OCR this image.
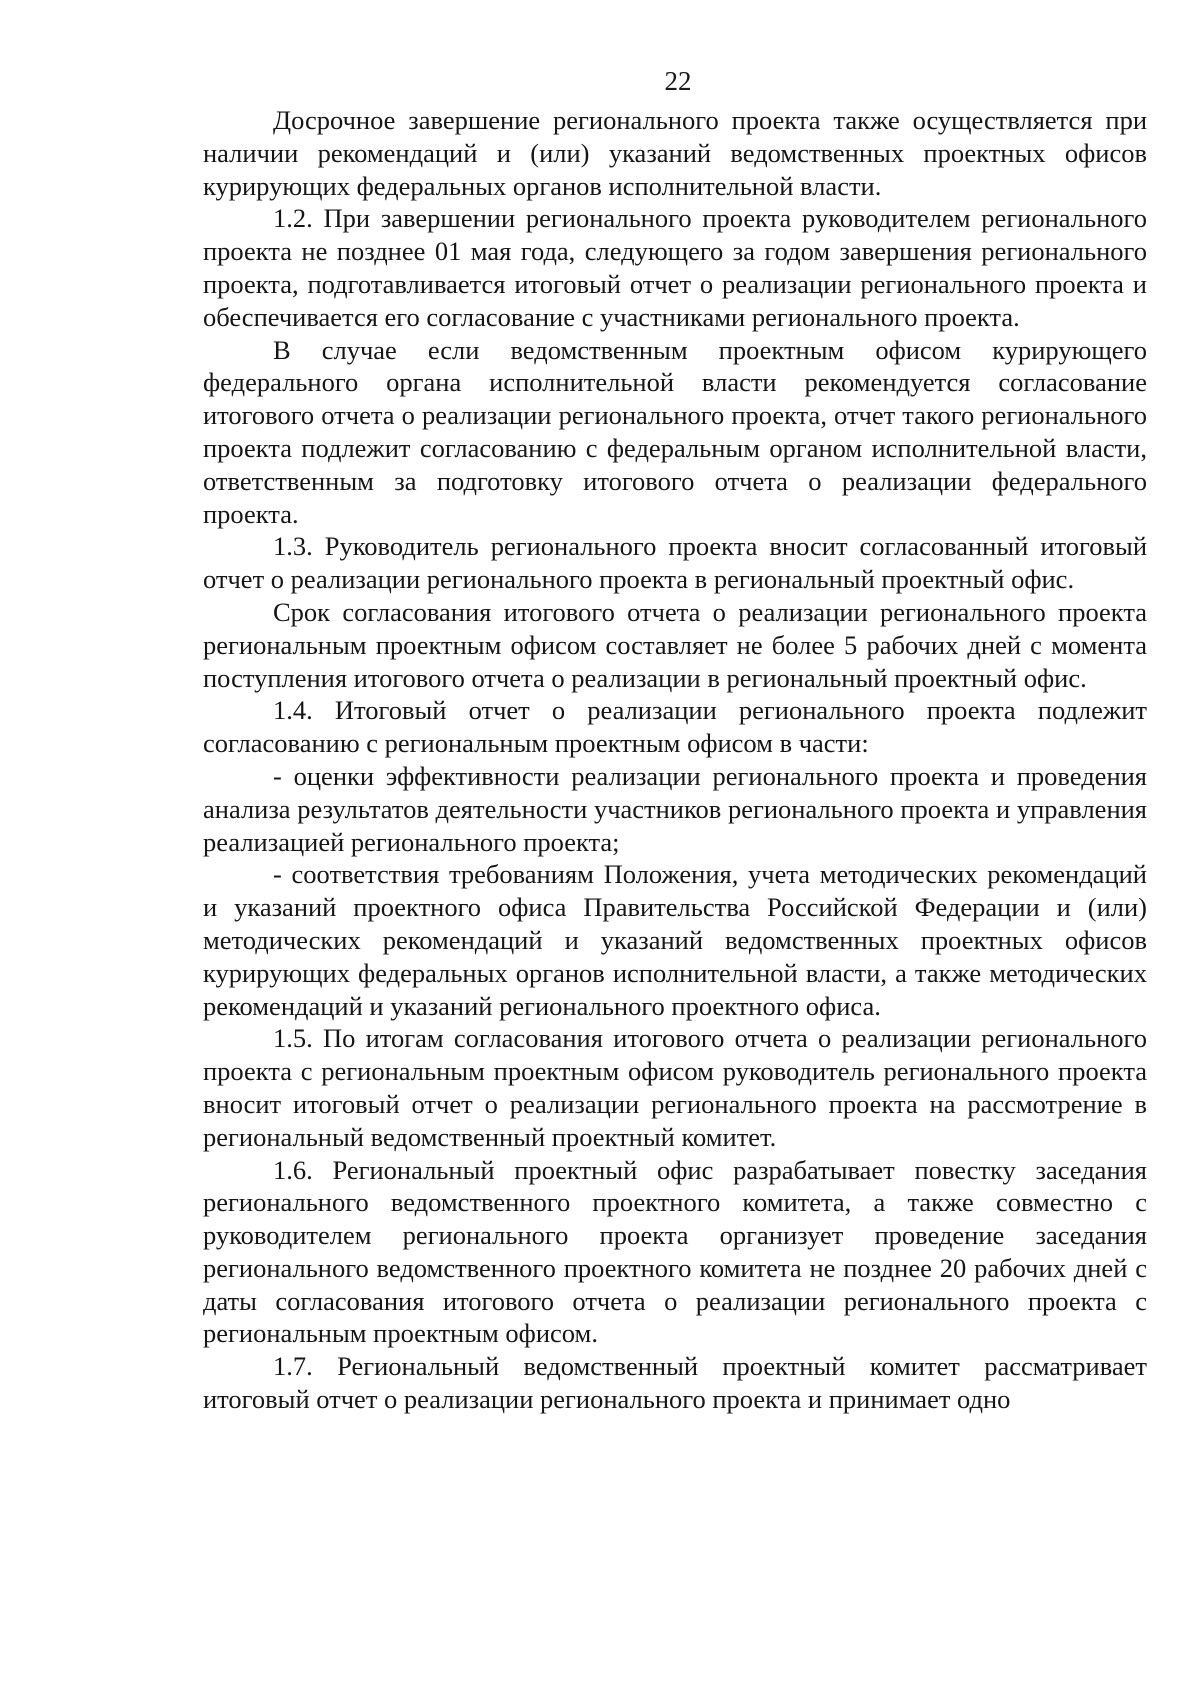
22

Досрочное завершение регионального проекта также осуществляется при наличии рекомендаций и (или) указаний ведомственных проектных офисов курирующих федеральных органов исполнительной власти.

1.2. При завершении регионального проекта руководителем регионального проекта не позднее 01 мая года, следующего за годом завершения регионального проекта, подготавливается итоговый отчет о реализации регионального проекта и обеспечивается его согласование с участниками регионального проекта.

В случае если ведомственным проектным офисом курирующего федерального органа исполнительной власти рекомендуется согласование итогового отчета о реализации регионального проекта, отчет такого регионального проекта подлежит согласованию с федеральным органом исполнительной власти, ответственным за подготовку итогового отчета о реализации федерального проекта.

1.3. Руководитель регионального проекта вносит согласованный итоговый отчет о реализации регионального проекта в региональный проектный офис.

Срок согласования итогового отчета о реализации регионального проекта региональным проектным офисом составляет не более 5 рабочих дней с момента поступления итогового отчета о реализации в региональный проектный офис.

1.4. Итоговый отчет о реализации регионального проекта подлежит согласованию с региональным проектным офисом в части:

- оценки эффективности реализации регионального проекта и проведения анализа результатов деятельности участников регионального проекта и управления реализацией регионального проекта;

- соответствия требованиям Положения, учета методических рекомендаций и указаний проектного офиса Правительства Российской Федерации и (или) методических рекомендаций и указаний ведомственных проектных офисов курирующих федеральных органов исполнительной власти, а также методических рекомендаций и указаний регионального проектного офиса.

1.5. По итогам согласования итогового отчета о реализации регионального проекта с региональным проектным офисом руководитель регионального проекта вносит итоговый отчет о реализации регионального проекта на рассмотрение в региональный ведомственный проектный комитет.

1.6. Региональный проектный офис разрабатывает повестку заседания регионального ведомственного проектного комитета, а также совместно с руководителем регионального проекта организует проведение заседания регионального ведомственного проектного комитета не позднее 20 рабочих дней с даты согласования итогового отчета о реализации регионального проекта с региональным проектным офисом.

1.7. Региональный ведомственный проектный комитет рассматривает итоговый отчет о реализации регионального проекта и принимает одно
